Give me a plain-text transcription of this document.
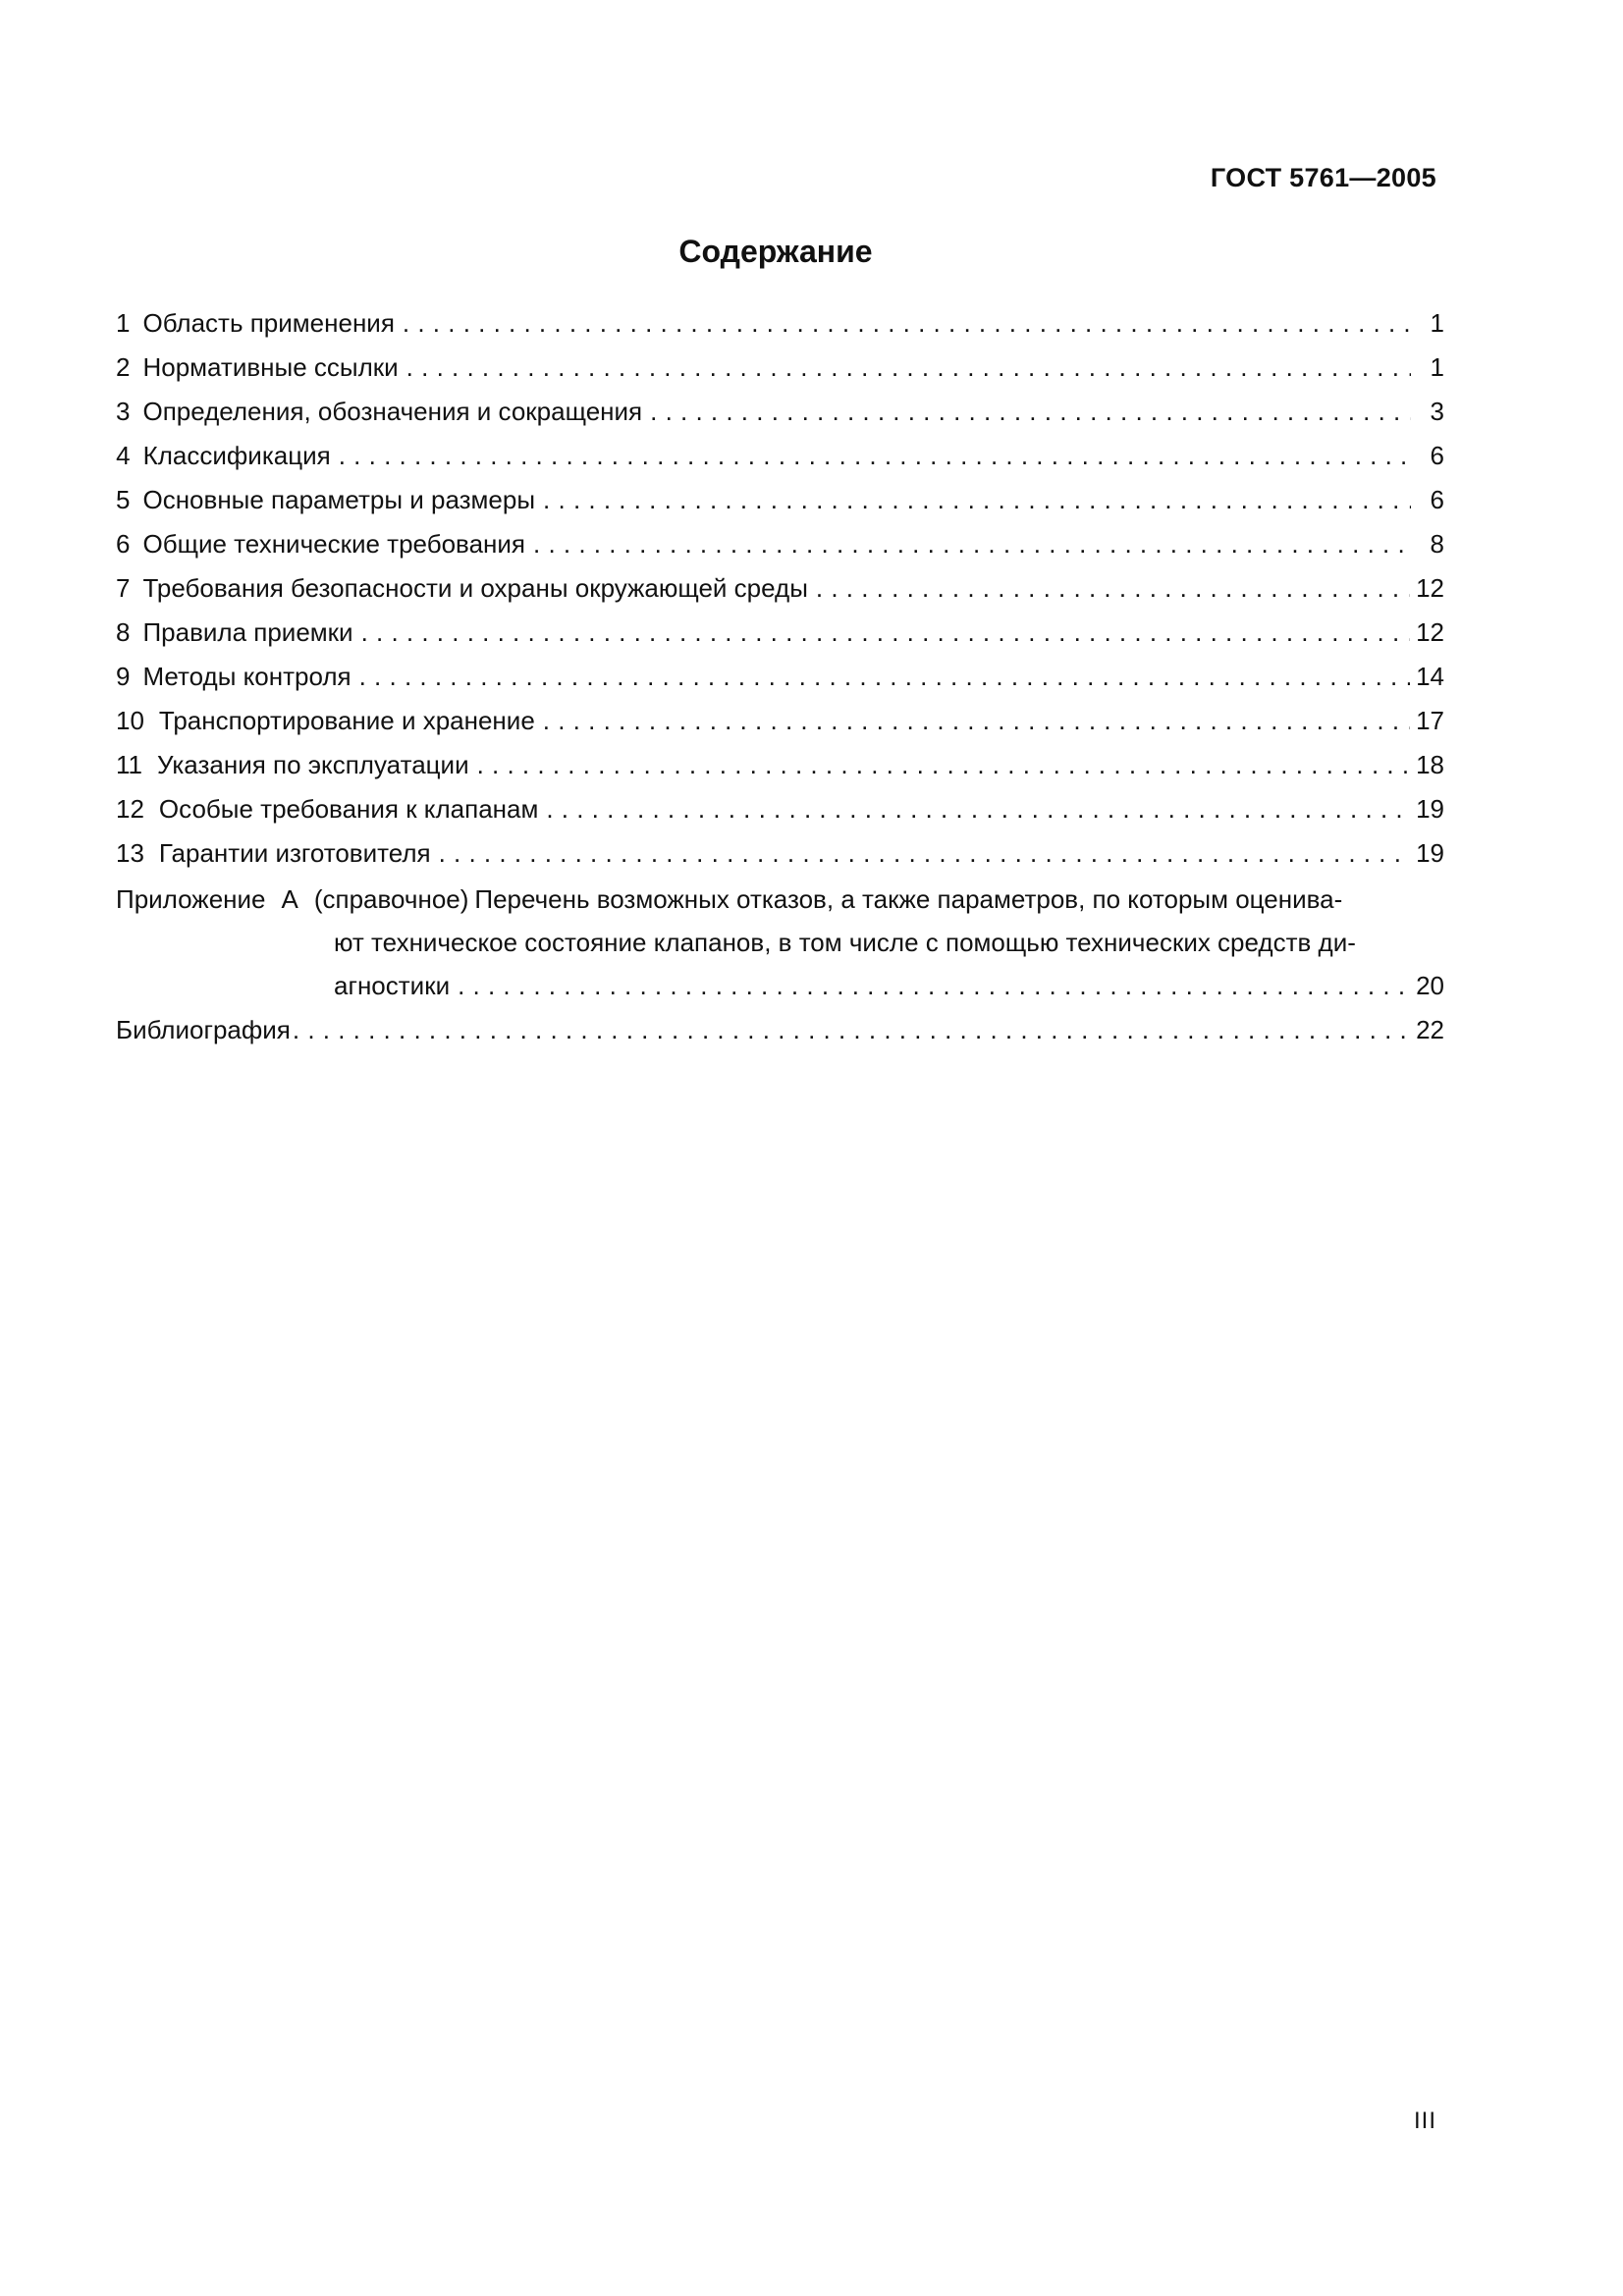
ГОСТ 5761—2005
Содержание
1 Область применения . . .	1
2 Нормативные ссылки . . .	1
3 Определения, обозначения и сокращения . . .	3
4 Классификация . . .	6
5 Основные параметры и размеры . . .	6
6 Общие технические требования . . .	8
7 Требования безопасности и охраны окружающей среды . . .	12
8 Правила приемки . . .	12
9 Методы контроля . . .	14
10 Транспортирование и хранение . . .	17
11 Указания по эксплуатации . . .	18
12 Особые требования к клапанам . . .	19
13 Гарантии изготовителя . . .	19
Приложение А (справочное) Перечень возможных отказов, а также параметров, по которым оценива-
ют техническое состояние клапанов, в том числе с помощью технических средств ди-
агностики . . .	20
Библиография . . .	22
III
